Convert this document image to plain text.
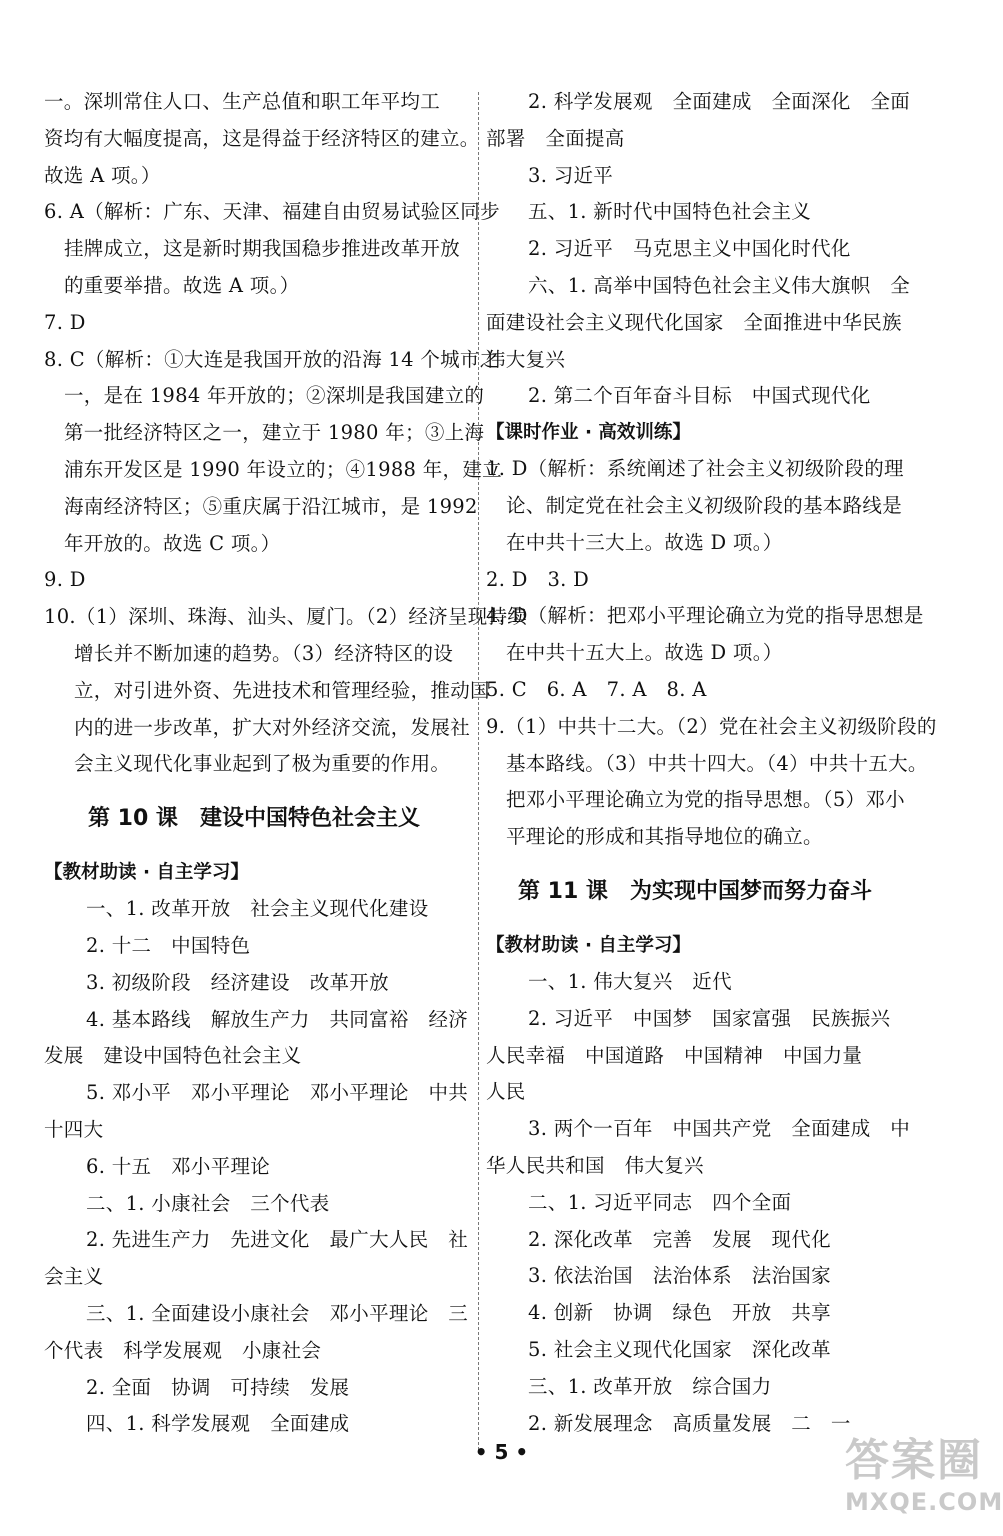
一。深圳常住人口、生产总值和职工年平均工
资均有大幅度提高，这是得益于经济特区的建立。
故选 A 项。）
6. A（解析：广东、天津、福建自由贸易试验区同步
挂牌成立，这是新时期我国稳步推进改革开放
的重要举措。故选 A 项。）
7. D
8. C（解析：①大连是我国开放的沿海 14 个城市之
一，是在 1984 年开放的；②深圳是我国建立的
第一批经济特区之一，建立于 1980 年；③上海
浦东开发区是 1990 年设立的；④1988 年，建立
海南经济特区；⑤重庆属于沿江城市，是 1992
年开放的。故选 C 项。）
9. D
10.（1）深圳、珠海、汕头、厦门。（2）经济呈现持续
增长并不断加速的趋势。（3）经济特区的设
立，对引进外资、先进技术和管理经验，推动国
内的进一步改革，扩大对外经济交流，发展社
会主义现代化事业起到了极为重要的作用。
第 10 课 建设中国特色社会主义
【教材助读 · 自主学习】
一、1. 改革开放　社会主义现代化建设
2. 十二　中国特色
3. 初级阶段　经济建设　改革开放
4. 基本路线　解放生产力　共同富裕　经济
发展　建设中国特色社会主义
5. 邓小平　邓小平理论　邓小平理论　中共
十四大
6. 十五　邓小平理论
二、1. 小康社会　三个代表
2. 先进生产力　先进文化　最广大人民　社
会主义
三、1. 全面建设小康社会　邓小平理论　三
个代表　科学发展观　小康社会
2. 全面　协调　可持续　发展
四、1. 科学发展观　全面建成
2. 科学发展观　全面建成　全面深化　全面
部署　全面提高
3. 习近平
五、1. 新时代中国特色社会主义
2. 习近平　马克思主义中国化时代化
六、1. 高举中国特色社会主义伟大旗帜　全
面建设社会主义现代化国家　全面推进中华民族
伟大复兴
2. 第二个百年奋斗目标　中国式现代化
【课时作业 · 高效训练】
1. D（解析：系统阐述了社会主义初级阶段的理
论、制定党在社会主义初级阶段的基本路线是
在中共十三大上。故选 D 项。）
2. D　3. D
4. D（解析：把邓小平理论确立为党的指导思想是
在中共十五大上。故选 D 项。）
5. C　6. A　7. A　8. A
9.（1）中共十二大。（2）党在社会主义初级阶段的
基本路线。（3）中共十四大。（4）中共十五大。
把邓小平理论确立为党的指导思想。（5）邓小
平理论的形成和其指导地位的确立。
第 11 课 为实现中国梦而努力奋斗
【教材助读 · 自主学习】
一、1. 伟大复兴　近代
2. 习近平　中国梦　国家富强　民族振兴
人民幸福　中国道路　中国精神　中国力量
人民
3. 两个一百年　中国共产党　全面建成　中
华人民共和国　伟大复兴
二、1. 习近平同志　四个全面
2. 深化改革　完善　发展　现代化
3. 依法治国　法治体系　法治国家
4. 创新　协调　绿色　开放　共享
5. 社会主义现代化国家　深化改革
三、1. 改革开放　综合国力
2. 新发展理念　高质量发展　二　一
• 5 •	答案圈
MXQE.COM
